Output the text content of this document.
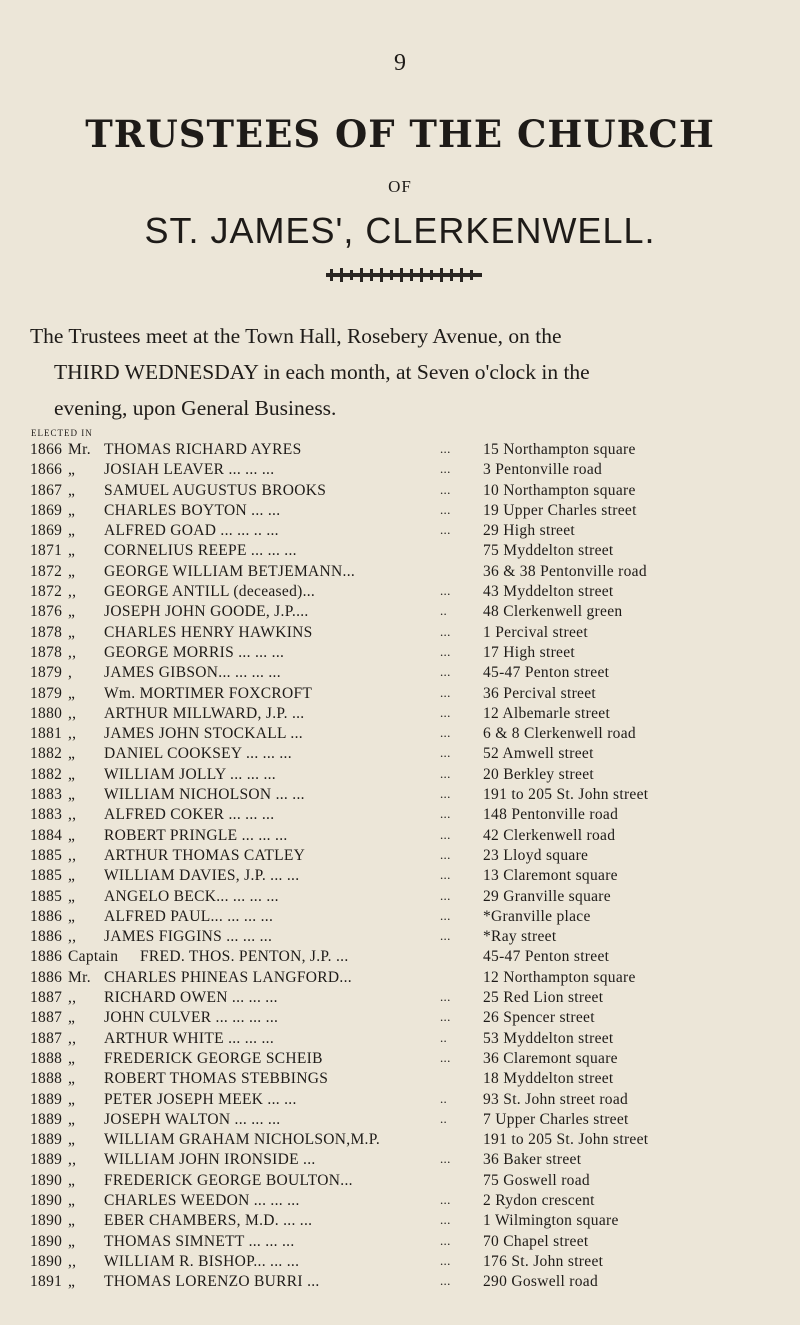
9
TRUSTEES OF THE CHURCH
OF
ST. JAMES', CLERKENWELL.
The Trustees meet at the Town Hall, Rosebery Avenue, on the
THIRD WEDNESDAY in each month, at Seven o'clock in the
evening, upon General Business.
ELECTED IN
1866 Mr. THOMAS RICHARD AYRES	...	15 Northampton square
1866 „	JOSIAH LEAVER ... ... ...	...	3 Pentonville road
1867 „	SAMUEL AUGUSTUS BROOKS	...	10 Northampton square
1869 „	CHARLES BOYTON ... ...	...	19 Upper Charles street
1869 „	ALFRED GOAD ... ... .. ...	...	29 High street
1871 „	CORNELIUS REEPE ... ... ...	75 Myddelton street
1872 „	GEORGE WILLIAM BETJEMANN...	36 & 38 Pentonville road
1872 ,,	GEORGE ANTILL (deceased)...	...	43 Myddelton street
1876 „	JOSEPH JOHN GOODE, J.P....	..	48 Clerkenwell green
1878 „	CHARLES HENRY HAWKINS	...	1 Percival street
1878 ,,	GEORGE MORRIS ... ... ...	...	17 High street
1879 ,	JAMES GIBSON... ... ... ...	...	45-47 Penton street
1879 „	Wm. MORTIMER FOXCROFT	...	36 Percival street
1880 ,,	ARTHUR MILLWARD, J.P. ...	...	12 Albemarle street
1881 ,,	JAMES JOHN STOCKALL ...	...	6 & 8 Clerkenwell road
1882 „	DANIEL COOKSEY ... ... ...	...	52 Amwell street
1882 „	WILLIAM JOLLY ... ... ...	...	20 Berkley street
1883 „	WILLIAM NICHOLSON ... ...	...	191 to 205 St. John street
1883 ,,	ALFRED COKER ... ... ...	...	148 Pentonville road
1884 „	ROBERT PRINGLE ... ... ...	...	42 Clerkenwell road
1885 ,,	ARTHUR THOMAS CATLEY	...	23 Lloyd square
1885 „	WILLIAM DAVIES, J.P. ... ...	...	13 Claremont square
1885 „	ANGELO BECK... ... ... ...	...	29 Granville square
1886 „	ALFRED PAUL... ... ... ...	...	*Granville place
1886 ,,	JAMES FIGGINS ... ... ...	...	*Ray street
1886 Captain FRED. THOS. PENTON, J.P. ...	45-47 Penton street
1886 Mr. CHARLES PHINEAS LANGFORD...	12 Northampton square
1887 ,,	RICHARD OWEN ... ... ...	...	25 Red Lion street
1887 „	JOHN CULVER ... ... ... ...	...	26 Spencer street
1887 ,,	ARTHUR WHITE ... ... ...	..	53 Myddelton street
1888 „	FREDERICK GEORGE SCHEIB	...	36 Claremont square
1888 „	ROBERT THOMAS STEBBINGS	18 Myddelton street
1889 „	PETER JOSEPH MEEK ... ...	..	93 St. John street road
1889 „	JOSEPH WALTON ... ... ...	..	7 Upper Charles street
1889 „	WILLIAM GRAHAM NICHOLSON,M.P.	191 to 205 St. John street
1889 ,,	WILLIAM JOHN IRONSIDE ...	...	36 Baker street
1890 „	FREDERICK GEORGE BOULTON...	75 Goswell road
1890 „	CHARLES WEEDON ... ... ...	...	2 Rydon crescent
1890 „	EBER CHAMBERS, M.D. ... ...	...	1 Wilmington square
1890 „	THOMAS SIMNETT ... ... ...	...	70 Chapel street
1890 ,,	WILLIAM R. BISHOP... ... ...	...	176 St. John street
1891 „	THOMAS LORENZO BURRI ...	...	290 Goswell road
